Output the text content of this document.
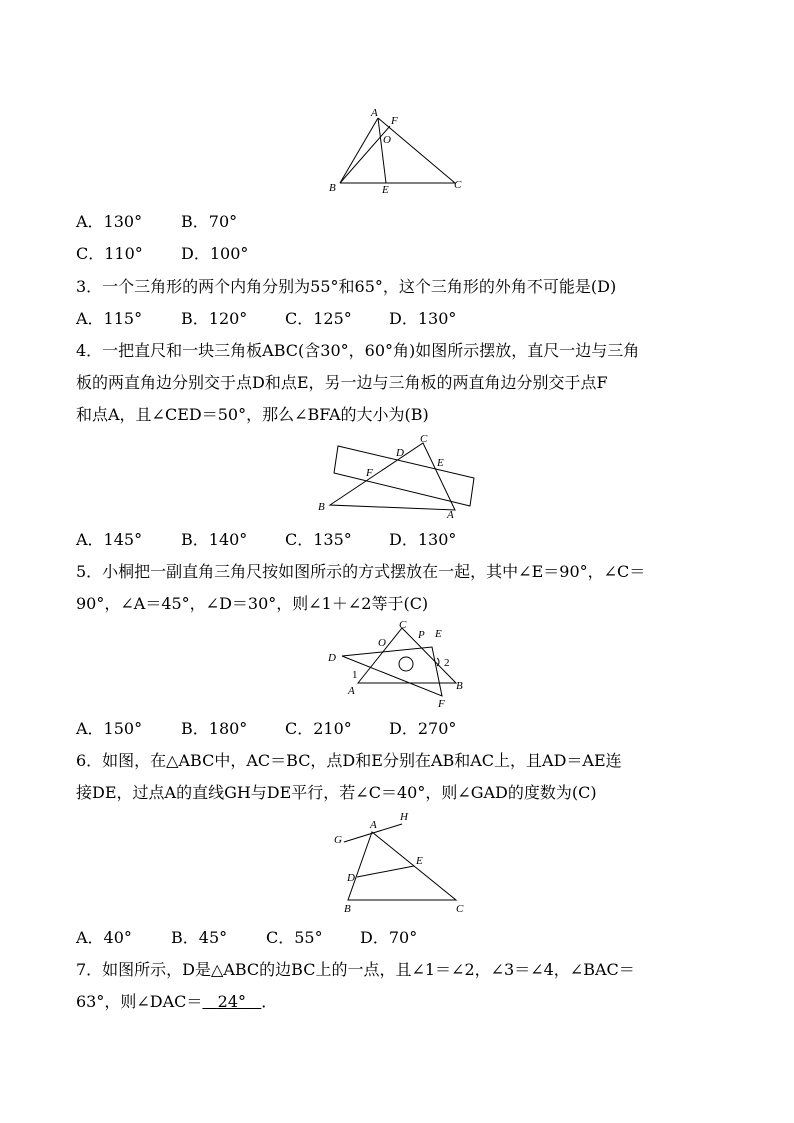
A
F
O
B	E	C
A．130° B．70°
C．110° D．100°
3．一个三角形的两个内角分别为55°和65°，这个三角形的外角不可能是(D)
A．115° B．120° C．125° D．130°
4．一把直尺和一块三角板ABC(含30°，60°角)如图所示摆放，直尺一边与三角
板的两直角边分别交于点D和点E，另一边与三角板的两直角边分别交于点F
和点A，且∠CED＝50°，那么∠BFA的大小为(B)
C
D
E
F
B
A
A．145° B．140° C．135° D．130°
5．小桐把一副直角三角尺按如图所示的方式摆放在一起，其中∠E＝90°，∠C＝
90°，∠A＝45°，∠D＝30°，则∠1＋∠2等于(C)
C
P E
O
D	2
1
A	B
F
A．150° B．180° C．210° D．270°
6．如图，在△ABC中，AC＝BC，点D和E分别在AB和AC上，且AD＝AE连
接DE，过点A的直线GH与DE平行，若∠C＝40°，则∠GAD的度数为(C)
G
A
H
E
D
B	C
A．40° B．45° C．55° D．70°
7．如图所示，D是△ABC的边BC上的一点，且∠1＝∠2，∠3＝∠4，∠BAC＝
63°，则∠DAC＝ 24° ．
